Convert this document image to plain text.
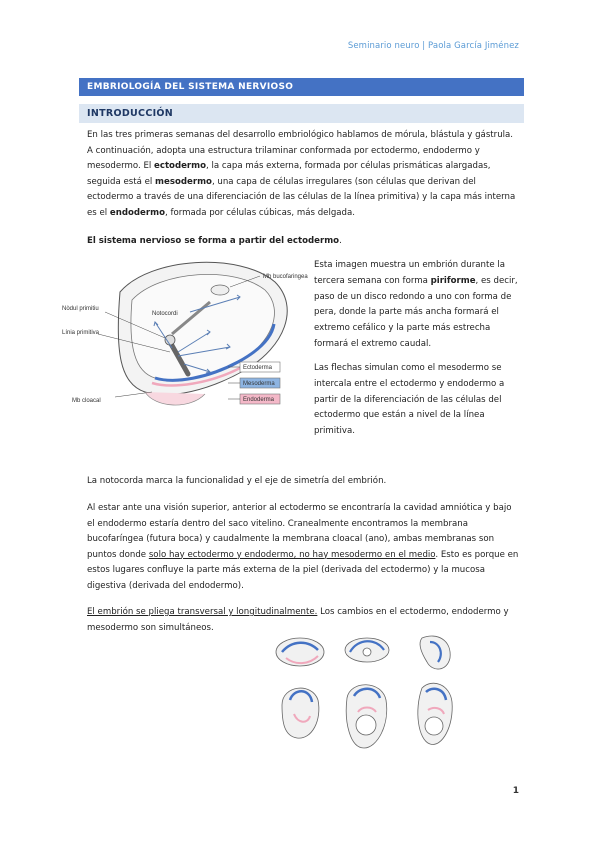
Seminario neuro | Paola García Jiménez
EMBRIOLOGÍA DEL SISTEMA NERVIOSO
INTRODUCCIÓN
En las tres primeras semanas del desarrollo embriológico hablamos de mórula, blástula y gástrula. A continuación, adopta una estructura trilaminar conformada por ectodermo, endodermo y mesodermo. El ectodermo, la capa más externa, formada por células prismáticas alargadas, seguida está el mesodermo, una capa de células irregulares (son células que derivan del ectodermo a través de una diferenciación de las células de la línea primitiva) y la capa más interna es el endodermo, formada por células cúbicas, más delgada.
El sistema nervioso se forma a partir del ectodermo.
Mb bucofaringea
Notocordi
Nòdul primitiu
Línia primitiva
Mb cloacal
Ectoderma
Mesoderma
Endoderma
Esta imagen muestra un embrión durante la tercera semana con forma piriforme, es decir, paso de un disco redondo a uno con forma de pera, donde la parte más ancha formará el extremo cefálico y la parte más estrecha formará el extremo caudal.
Las flechas simulan como el mesodermo se intercala entre el ectodermo y endodermo a partir de la diferenciación de las células del ectodermo que están a nivel de la línea primitiva.
La notocorda marca la funcionalidad y el eje de simetría del embrión.
Al estar ante una visión superior, anterior al ectodermo se encontraría la cavidad amniótica y bajo el endodermo estaría dentro del saco vitelino. Cranealmente encontramos la membrana bucofaríngea (futura boca) y caudalmente la membrana cloacal (ano), ambas membranas son puntos donde solo hay ectodermo y endodermo, no hay mesodermo en el medio. Esto es porque en estos lugares confluye la parte más externa de la piel (derivada del ectodermo) y la mucosa digestiva (derivada del endodermo).
El embrión se pliega transversal y longitudinalmente. Los cambios en el ectodermo, endodermo y mesodermo son simultáneos.
1
